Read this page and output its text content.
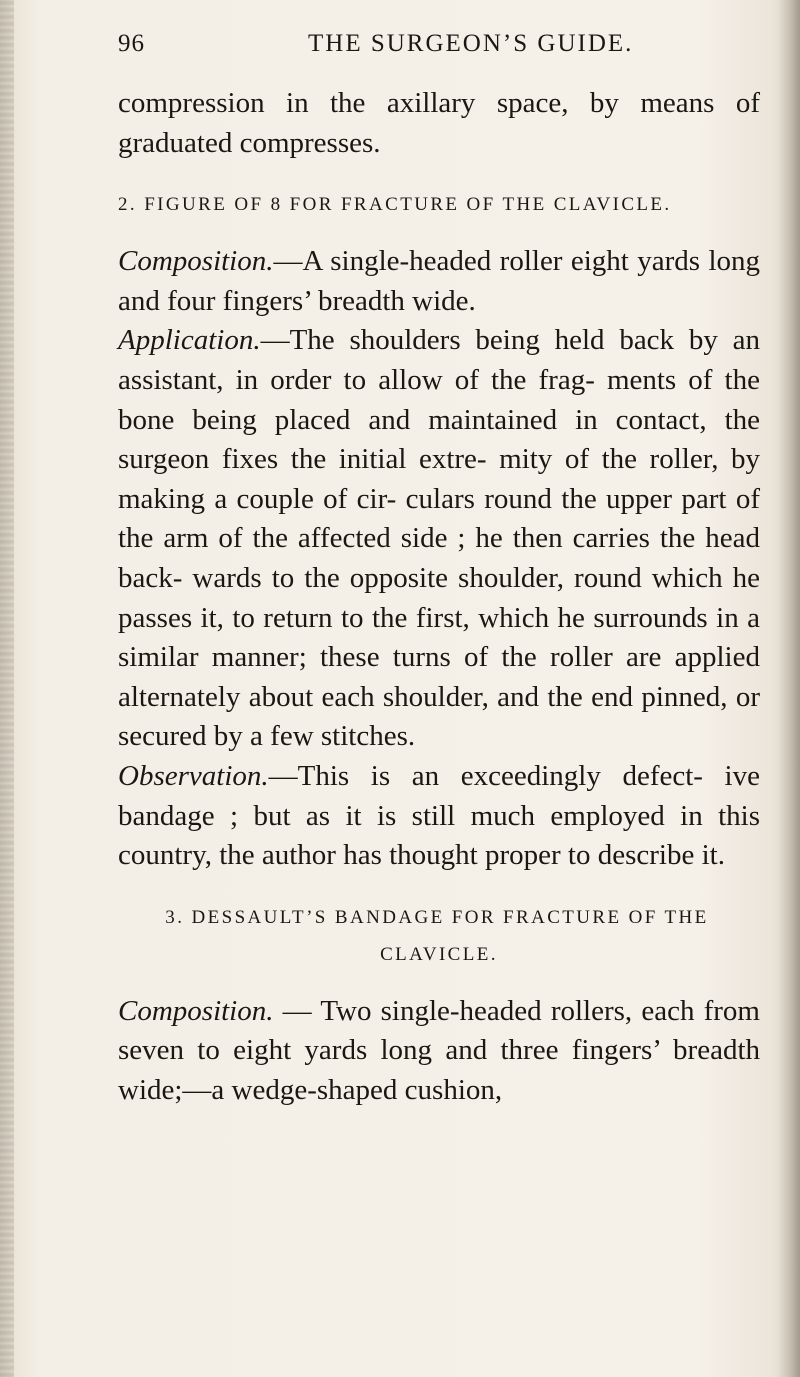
96	THE SURGEON’S GUIDE.

compression in the axillary space, by means of graduated compresses.

2. FIGURE OF 8 FOR FRACTURE OF THE CLAVICLE.

Composition.—A single-headed roller eight yards long and four fingers’ breadth wide.

Application.—The shoulders being held back by an assistant, in order to allow of the frag- ments of the bone being placed and maintained in contact, the surgeon fixes the initial extre- mity of the roller, by making a couple of cir- culars round the upper part of the arm of the affected side ; he then carries the head back- wards to the opposite shoulder, round which he passes it, to return to the first, which he surrounds in a similar manner; these turns of the roller are applied alternately about each shoulder, and the end pinned, or secured by a few stitches.

Observation.—This is an exceedingly defect- ive bandage ; but as it is still much employed in this country, the author has thought proper to describe it.

3. DESSAULT’S BANDAGE FOR FRACTURE OF THE

CLAVICLE.

Composition. — Two single-headed rollers, each from seven to eight yards long and three fingers’ breadth wide;—a wedge-shaped cushion,
